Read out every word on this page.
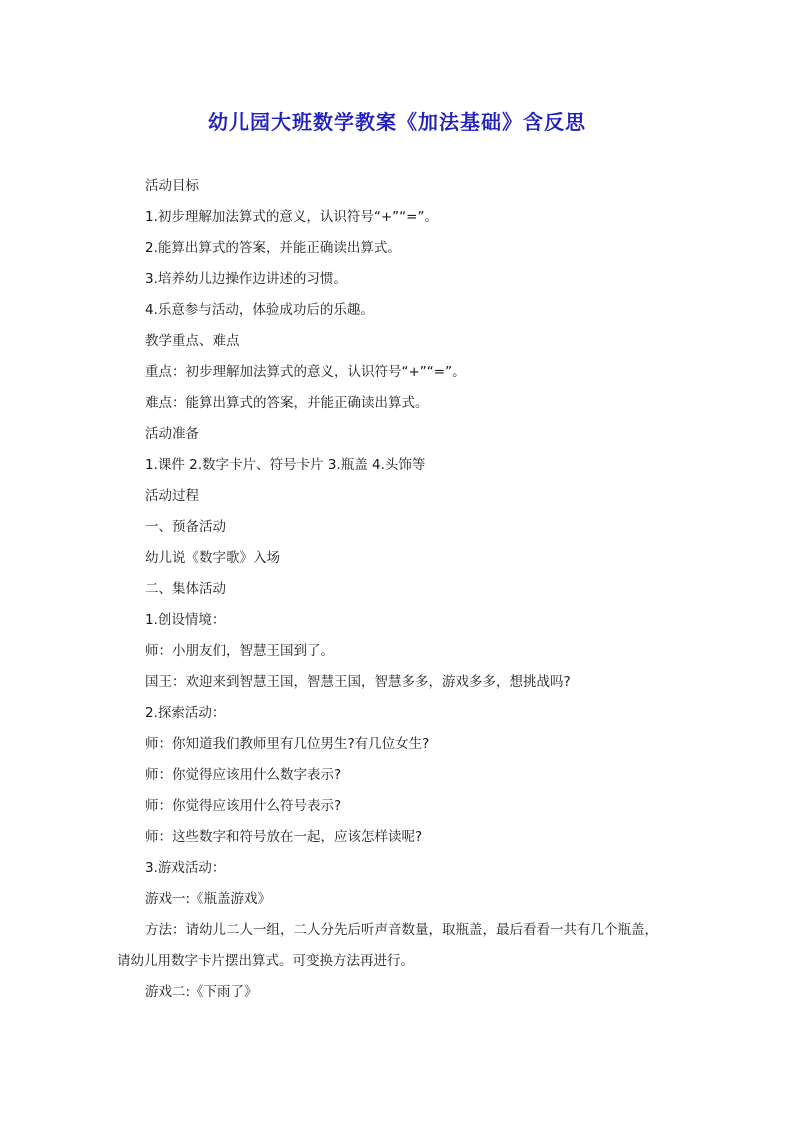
幼儿园大班数学教案《加法基础》含反思

活动目标

1.初步理解加法算式的意义，认识符号“+”“=”。

2.能算出算式的答案，并能正确读出算式。

3.培养幼儿边操作边讲述的习惯。

4.乐意参与活动，体验成功后的乐趣。

教学重点、难点

重点：初步理解加法算式的意义，认识符号“+”“=”。

难点：能算出算式的答案，并能正确读出算式。

活动准备

1.课件 2.数字卡片、符号卡片 3.瓶盖 4.头饰等

活动过程

一、预备活动

幼儿说《数字歌》入场

二、集体活动

1.创设情境：

师：小朋友们，智慧王国到了。

国王：欢迎来到智慧王国，智慧王国，智慧多多，游戏多多，想挑战吗?

2.探索活动：

师：你知道我们教师里有几位男生?有几位女生?

师：你觉得应该用什么数字表示?

师：你觉得应该用什么符号表示?

师：这些数字和符号放在一起，应该怎样读呢?

3.游戏活动：

游戏一:《瓶盖游戏》

方法：请幼儿二人一组，二人分先后听声音数量，取瓶盖，最后看看一共有几个瓶盖，
请幼儿用数字卡片摆出算式。可变换方法再进行。

游戏二:《下雨了》
